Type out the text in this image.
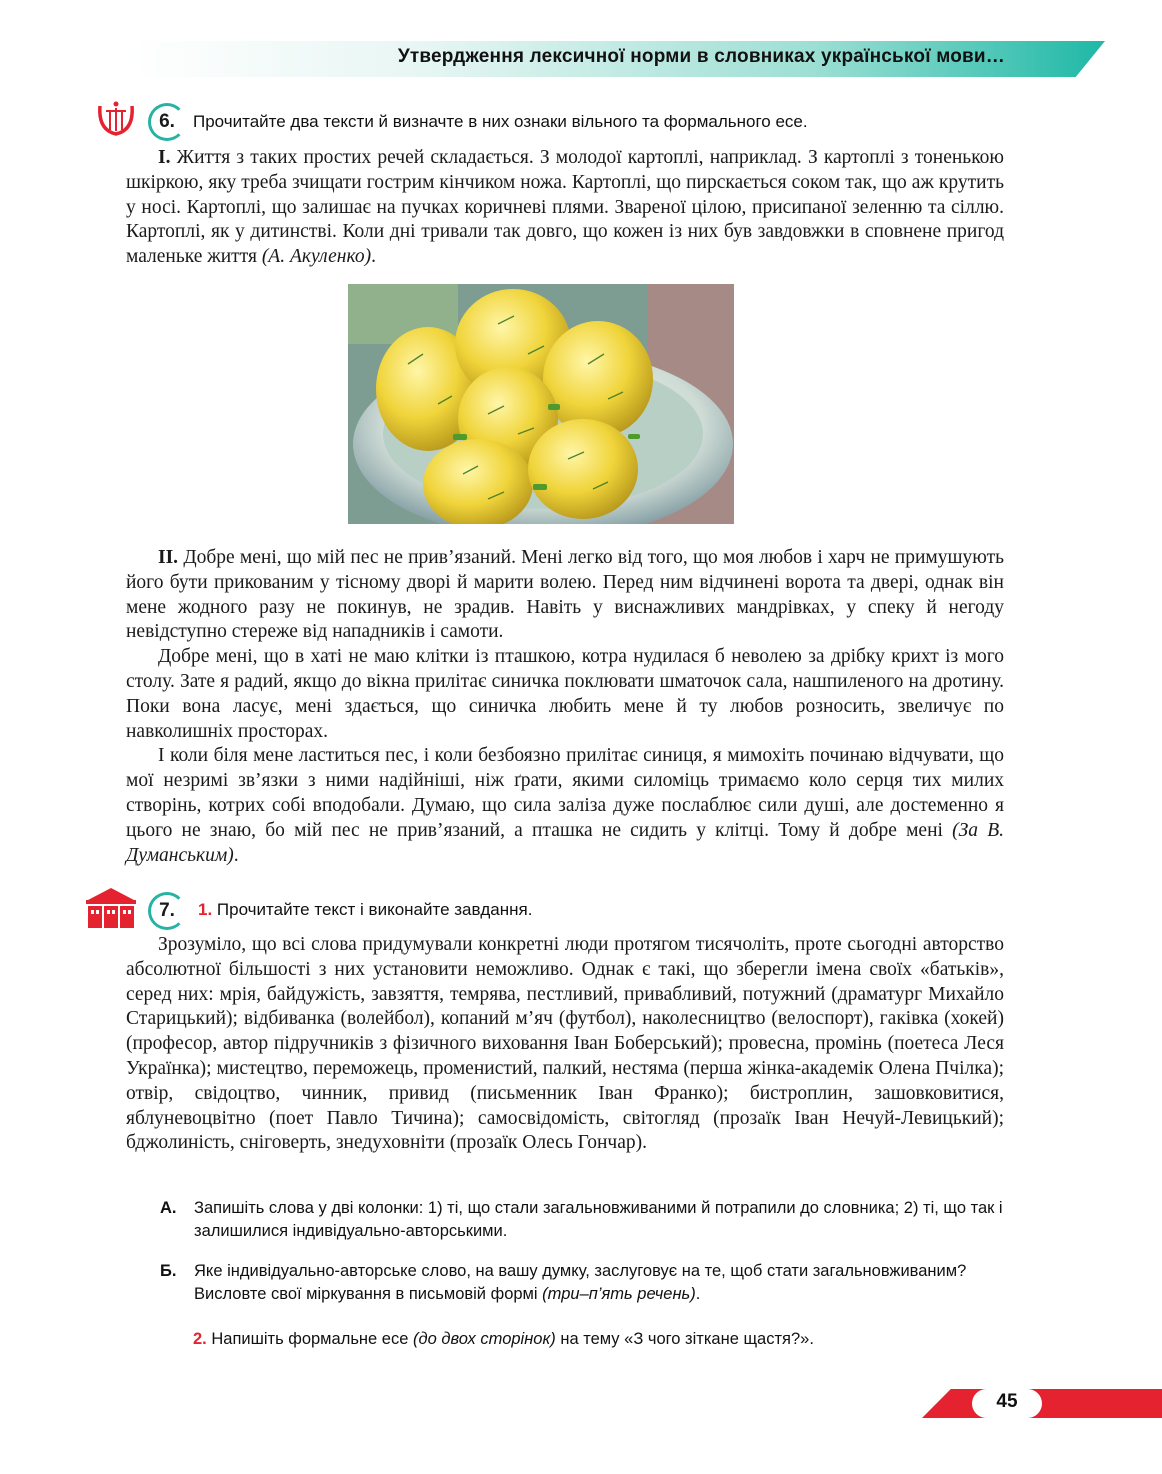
Утвердження лексичної норми в словниках української мови…
6.	Прочитайте два тексти й визначте в них ознаки вільного та формального есе.

І. Життя з таких простих речей складається. З молодої картоплі, наприклад. З картоплі з тоненькою шкіркою, яку треба зчищати гострим кінчиком ножа. Картоплі, що пирскається соком так, що аж крутить у носі. Картоплі, що залишає на пучках коричневі плями. Звареної цілою, присипаної зеленню та сіллю. Картоплі, як у дитинстві. Коли дні тривали так довго, що кожен із них був завдовжки в сповнене пригод маленьке життя (А. Акуленко).

ІІ. Добре мені, що мій пес не прив’язаний. Мені легко від того, що моя любов і харч не примушують його бути прикованим у тісному дворі й марити волею. Перед ним відчинені ворота та двері, однак він мене жодного разу не покинув, не зрадив. Навіть у виснажливих мандрівках, у спеку й негоду невідступно стереже від нападників і самоти.

Добре мені, що в хаті не маю клітки із пташкою, котра нудилася б неволею за дрібку крихт із мого столу. Зате я радий, якщо до вікна прилітає синичка поклювати шматочок сала, нашпиленого на дротину. Поки вона ласує, мені здається, що синичка любить мене й ту любов розносить, звеличує по навколишніх просторах.

І коли біля мене ластиться пес, і коли безбоязно прилітає синиця, я мимохіть починаю відчувати, що мої незримі зв’язки з ними надійніші, ніж ґрати, якими силоміць тримаємо коло серця тих милих створінь, котрих собі вподобали. Думаю, що сила заліза дуже послаблює сили душі, але достеменно я цього не знаю, бо мій пес не прив’язаний, а пташка не сидить у клітці. Тому й добре мені (За В. Думанським).

7.	1. Прочитайте текст і виконайте завдання.

Зрозуміло, що всі слова придумували конкретні люди протягом тисячоліть, проте сьогодні авторство абсолютної більшості з них установити неможливо. Однак є такі, що зберегли імена своїх «батьків», серед них: мрія, байдужість, завзяття, темрява, пестливий, привабливий, потужний (драматург Михайло Старицький); відбиванка (волейбол), копаний м’яч (футбол), наколесництво (велоспорт), гаківка (хокей) (професор, автор підручників з фізичного виховання Іван Боберський); провесна, промінь (поетеса Леся Українка); мистецтво, переможець, променистий, палкий, нестяма (перша жінка-академік Олена Пчілка); отвір, свідоцтво, чинник, привид (письменник Іван Франко); бистроплин, зашовковитися, яблуневоцвітно (поет Павло Тичина); самосвідомість, світогляд (прозаїк Іван Нечуй-Левицький); бджолиність, сніговерть, знедуховніти (прозаїк Олесь Гончар).

А. Запишіть слова у дві колонки: 1) ті, що стали загальновживаними й потрапили до словника; 2) ті, що так і залишилися індивідуально-авторськими.
Б. Яке індивідуально-авторське слово, на вашу думку, заслуговує на те, щоб стати загальновживаним? Висловте свої міркування в письмовій формі (три–п’ять речень).
2. Напишіть формальне есе (до двох сторінок) на тему «З чого зіткане щастя?».
45
